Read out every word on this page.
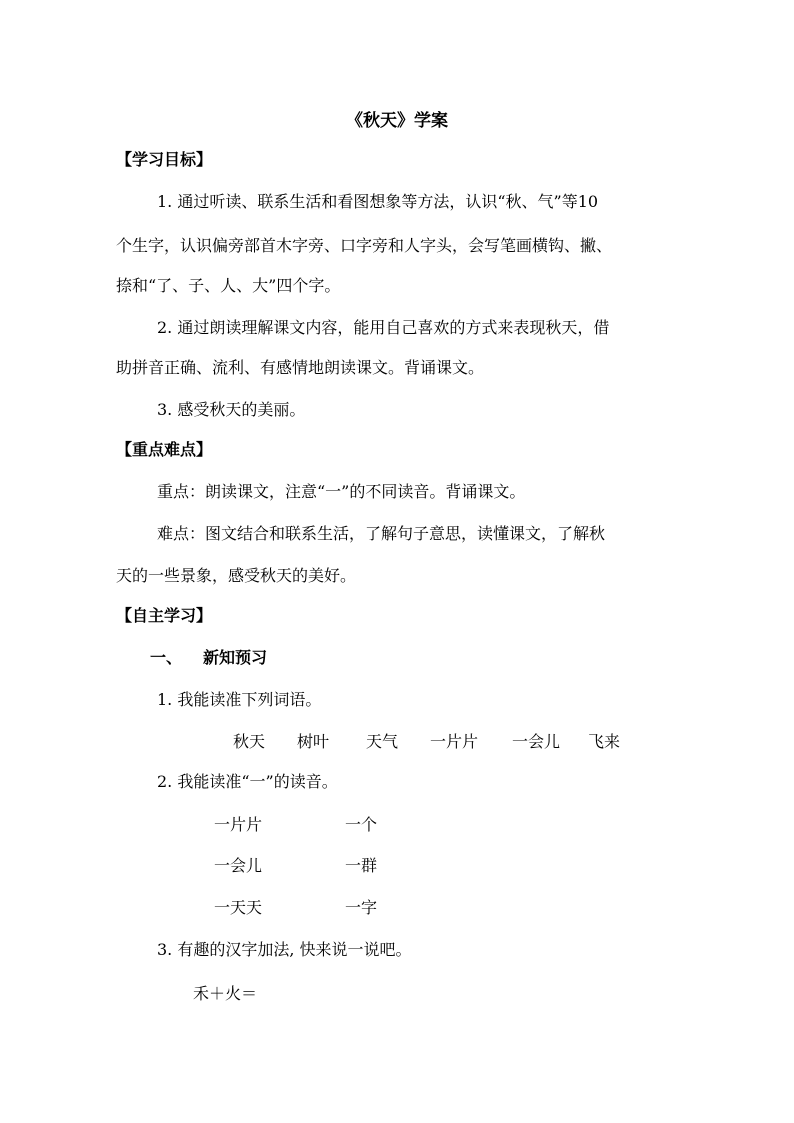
《秋天》学案
【学习目标】
1. 通过听读、联系生活和看图想象等方法，认识“秋、气”等10
个生字，认识偏旁部首木字旁、口字旁和人字头，会写笔画横钩、撇、
捺和“了、子、人、大”四个字。
2. 通过朗读理解课文内容，能用自己喜欢的方式来表现秋天，借
助拼音正确、流利、有感情地朗读课文。背诵课文。
3. 感受秋天的美丽。
【重点难点】
重点：朗读课文，注意“一”的不同读音。背诵课文。
难点：图文结合和联系生活，了解句子意思，读懂课文，了解秋
天的一些景象，感受秋天的美好。
【自主学习】
一、 新知预习
1. 我能读准下列词语。
秋天 树叶 天气 一片片 一会儿 飞来
2. 我能读准“一”的读音。
一片片	一个
一会儿	一群
一天天	一字
3. 有趣的汉字加法, 快来说一说吧。
禾＋火＝
